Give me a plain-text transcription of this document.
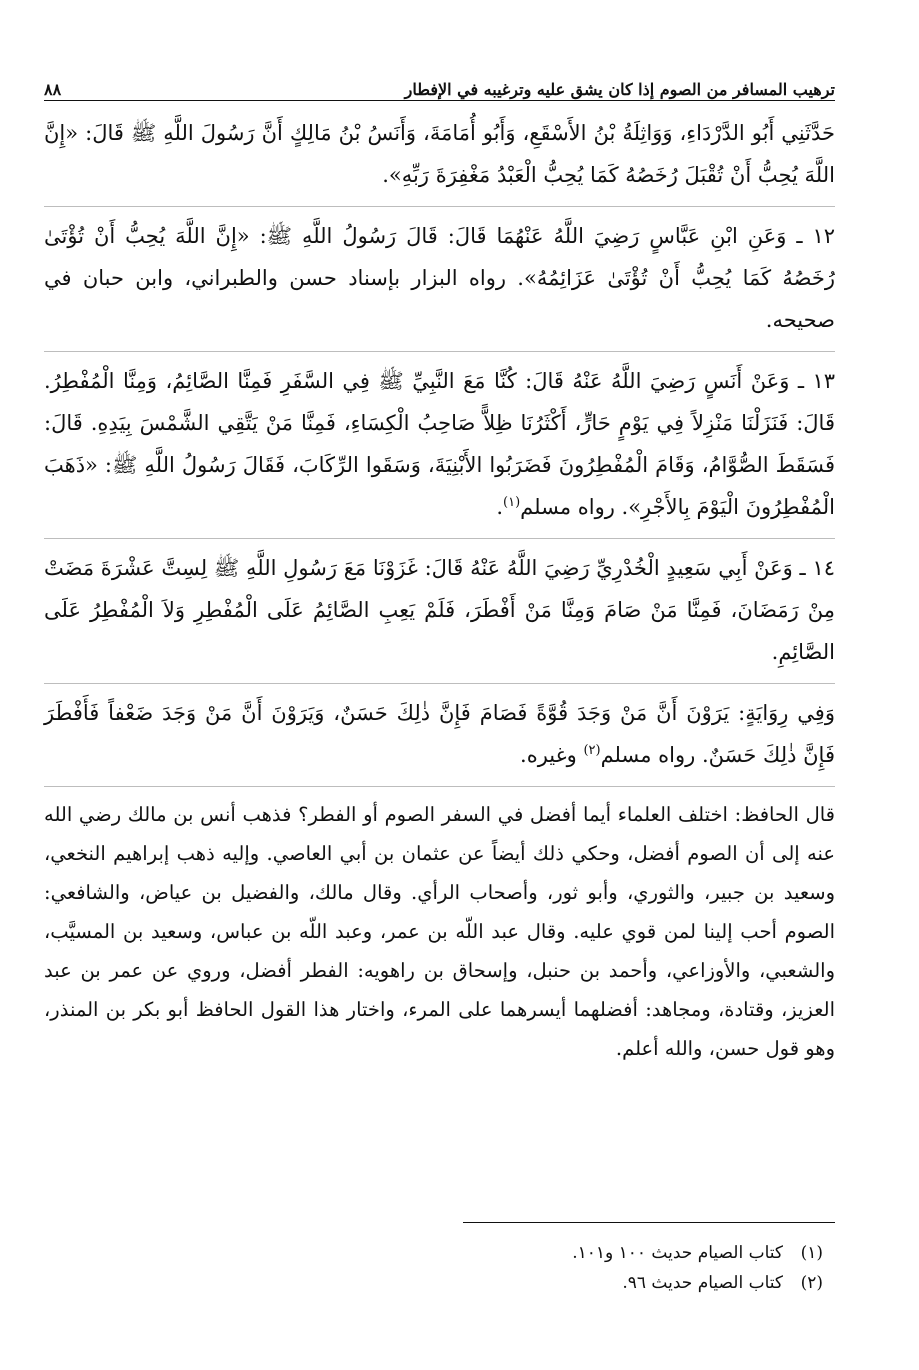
ترهيب المسافر من الصوم إذا كان يشق عليه وترغيبه في الإفطار
٨٨

حَدَّثَنِي أَبُو الدَّرْدَاءِ، وَوَاثِلَةُ بْنُ الأَسْقَعِ، وَأَبُو أُمَامَةَ، وَأَنَسُ بْنُ مَالِكٍ أَنَّ رَسُولَ اللَّهِ ﷺ قَالَ: «إِنَّ اللَّهَ يُحِبُّ أَنْ تُقْبَلَ رُخَصُهُ كَمَا يُحِبُّ الْعَبْدُ مَغْفِرَةَ رَبِّهِ».

١٢ ـ وَعَنِ ابْنِ عَبَّاسٍ رَضِيَ اللَّهُ عَنْهُمَا قَالَ: قَالَ رَسُولُ اللَّهِ ﷺ: «إِنَّ اللَّهَ يُحِبُّ أَنْ تُؤْتَىٰ رُخَصُهُ كَمَا يُحِبُّ أَنْ تُؤْتَىٰ عَزَائِمُهُ». رواه البزار بإسناد حسن والطبراني، وابن حبان في صحيحه.

١٣ ـ وَعَنْ أَنَسٍ رَضِيَ اللَّهُ عَنْهُ قَالَ: كُنَّا مَعَ النَّبِيِّ ﷺ فِي السَّفَرِ فَمِنَّا الصَّائِمُ، وَمِنَّا الْمُفْطِرُ. قَالَ: فَنَزَلْنَا مَنْزِلاً فِي يَوْمٍ حَارٍّ، أَكْثَرُنَا ظِلاًّ صَاحِبُ الْكِسَاءِ، فَمِنَّا مَنْ يَتَّقِي الشَّمْسَ بِيَدِهِ. قَالَ: فَسَقَطَ الصُّوَّامُ، وَقَامَ الْمُفْطِرُونَ فَضَرَبُوا الأَبْنِيَةَ، وَسَقَوا الرِّكَابَ، فَقَالَ رَسُولُ اللَّهِ ﷺ: «ذَهَبَ الْمُفْطِرُونَ الْيَوْمَ بِالأَجْرِ». رواه مسلم$^{(١)}$.

١٤ ـ وَعَنْ أَبِي سَعِيدٍ الْخُدْرِيِّ رَضِيَ اللَّهُ عَنْهُ قَالَ: غَزَوْنَا مَعَ رَسُولِ اللَّهِ ﷺ لِسِتَّ عَشْرَةَ مَضَتْ مِنْ رَمَضَانَ، فَمِنَّا مَنْ صَامَ وَمِنَّا مَنْ أَفْطَرَ، فَلَمْ يَعِبِ الصَّائِمُ عَلَى الْمُفْطِرِ وَلاَ الْمُفْطِرُ عَلَى الصَّائِمِ.

وَفِي رِوَايَةٍ: يَرَوْنَ أَنَّ مَنْ وَجَدَ قُوَّةً فَصَامَ فَإِنَّ ذٰلِكَ حَسَنٌ، وَيَرَوْنَ أَنَّ مَنْ وَجَدَ ضَعْفاً فَأَفْطَرَ فَإِنَّ ذٰلِكَ حَسَنٌ. رواه مسلم$^{(٢)}$ وغيره.

قال الحافظ: اختلف العلماء أيما أفضل في السفر الصوم أو الفطر؟ فذهب أنس بن مالك رضي الله عنه إلى أن الصوم أفضل، وحكي ذلك أيضاً عن عثمان بن أبي العاصي. وإليه ذهب إبراهيم النخعي، وسعيد بن جبير، والثوري، وأبو ثور، وأصحاب الرأي. وقال مالك، والفضيل بن عياض، والشافعي: الصوم أحب إلينا لمن قوي عليه. وقال عبد اللّه بن عمر، وعبد اللّه بن عباس، وسعيد بن المسيَّب، والشعبي، والأوزاعي، وأحمد بن حنبل، وإسحاق بن راهويه: الفطر أفضل، وروي عن عمر بن عبد العزيز، وقتادة، ومجاهد: أفضلهما أيسرهما على المرء، واختار هذا القول الحافظ أبو بكر بن المنذر، وهو قول حسن، والله أعلم.

(١)
كتاب الصيام حديث ١٠٠ و١٠١.
(٢)
كتاب الصيام حديث ٩٦.
